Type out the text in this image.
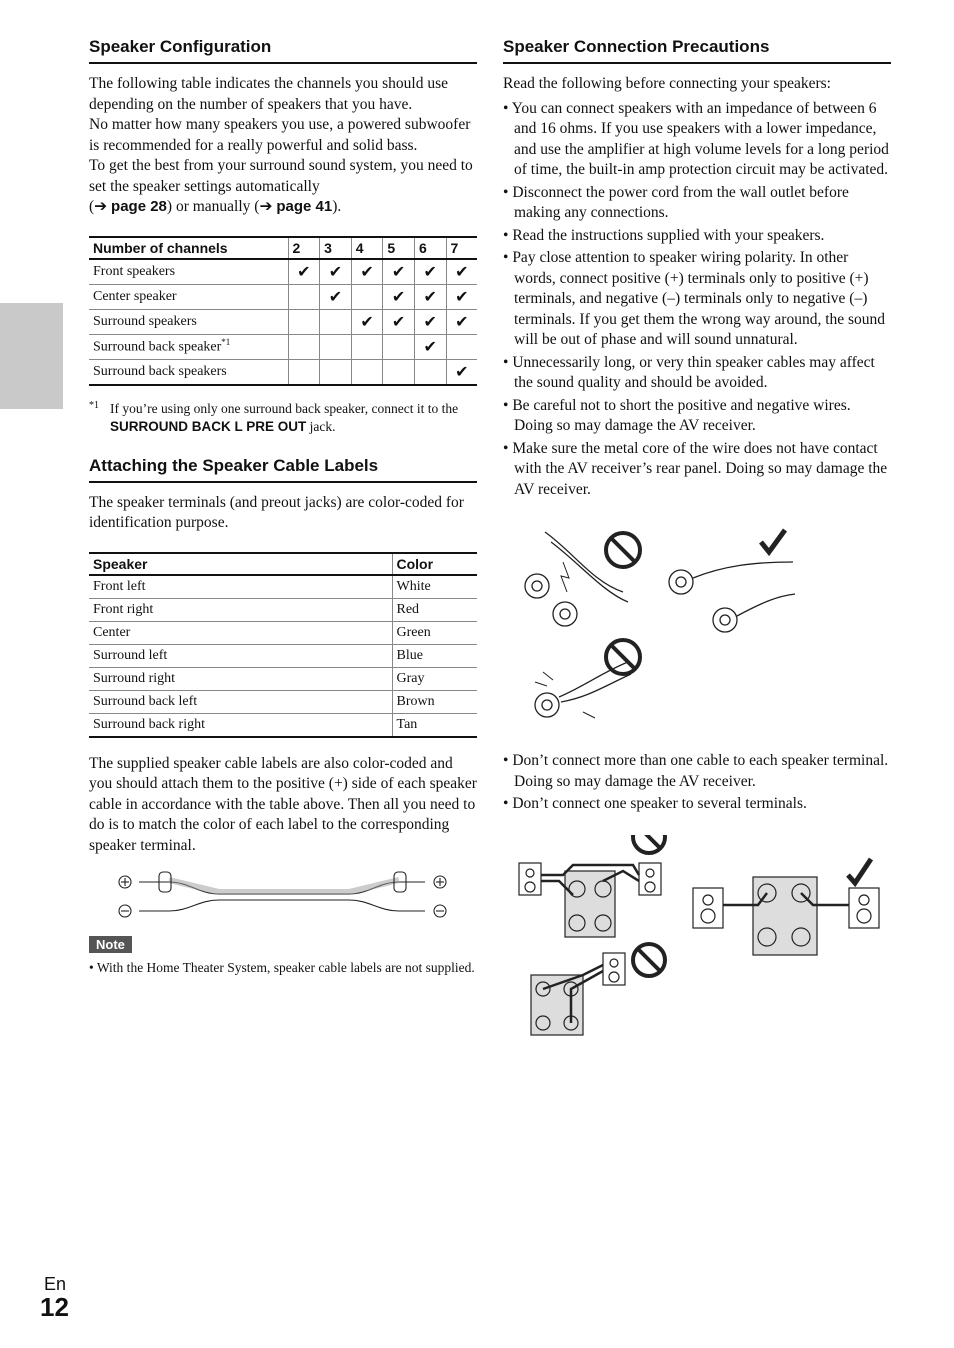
Speaker Configuration

The following table indicates the channels you should use depending on the number of speakers that you have.

No matter how many speakers you use, a powered subwoofer is recommended for a really powerful and solid bass.

To get the best from your surround sound system, you need to set the speaker settings automatically
(➔ page 28) or manually (➔ page 41).

Number of channels	2	3	4	5	6	7
Front speakers	✔	✔	✔	✔	✔	✔
Center speaker		✔		✔	✔	✔
Surround speakers			✔	✔	✔	✔
Surround back speaker$^{*1}$					✔	
Surround back speakers						✔
*1 If you’re using only one surround back speaker, connect it to the SURROUND BACK L PRE OUT jack.
Attaching the Speaker Cable Labels

The speaker terminals (and preout jacks) are color-coded for identification purpose.

Speaker	Color
Front left	White
Front right	Red
Center	Green
Surround left	Blue
Surround right	Gray
Surround back left	Brown
Surround back right	Tan

The supplied speaker cable labels are also color-coded and you should attach them to the positive (+) side of each speaker cable in accordance with the table above. Then all you need to do is to match the color of each label to the corresponding speaker terminal.

Note
• With the Home Theater System, speaker cable labels are not supplied.
Speaker Connection Precautions

Read the following before connecting your speakers:

• You can connect speakers with an impedance of between 6 and 16 ohms. If you use speakers with a lower impedance, and use the amplifier at high volume levels for a long period of time, the built-in amp protection circuit may be activated.
• Disconnect the power cord from the wall outlet before making any connections.
• Read the instructions supplied with your speakers.
• Pay close attention to speaker wiring polarity. In other words, connect positive (+) terminals only to positive (+) terminals, and negative (–) terminals only to negative (–) terminals. If you get them the wrong way around, the sound will be out of phase and will sound unnatural.
• Unnecessarily long, or very thin speaker cables may affect the sound quality and should be avoided.
• Be careful not to short the positive and negative wires. Doing so may damage the AV receiver.
• Make sure the metal core of the wire does not have contact with the AV receiver’s rear panel. Doing so may damage the AV receiver.
• Don’t connect more than one cable to each speaker terminal. Doing so may damage the AV receiver.
• Don’t connect one speaker to several terminals.
En
12
